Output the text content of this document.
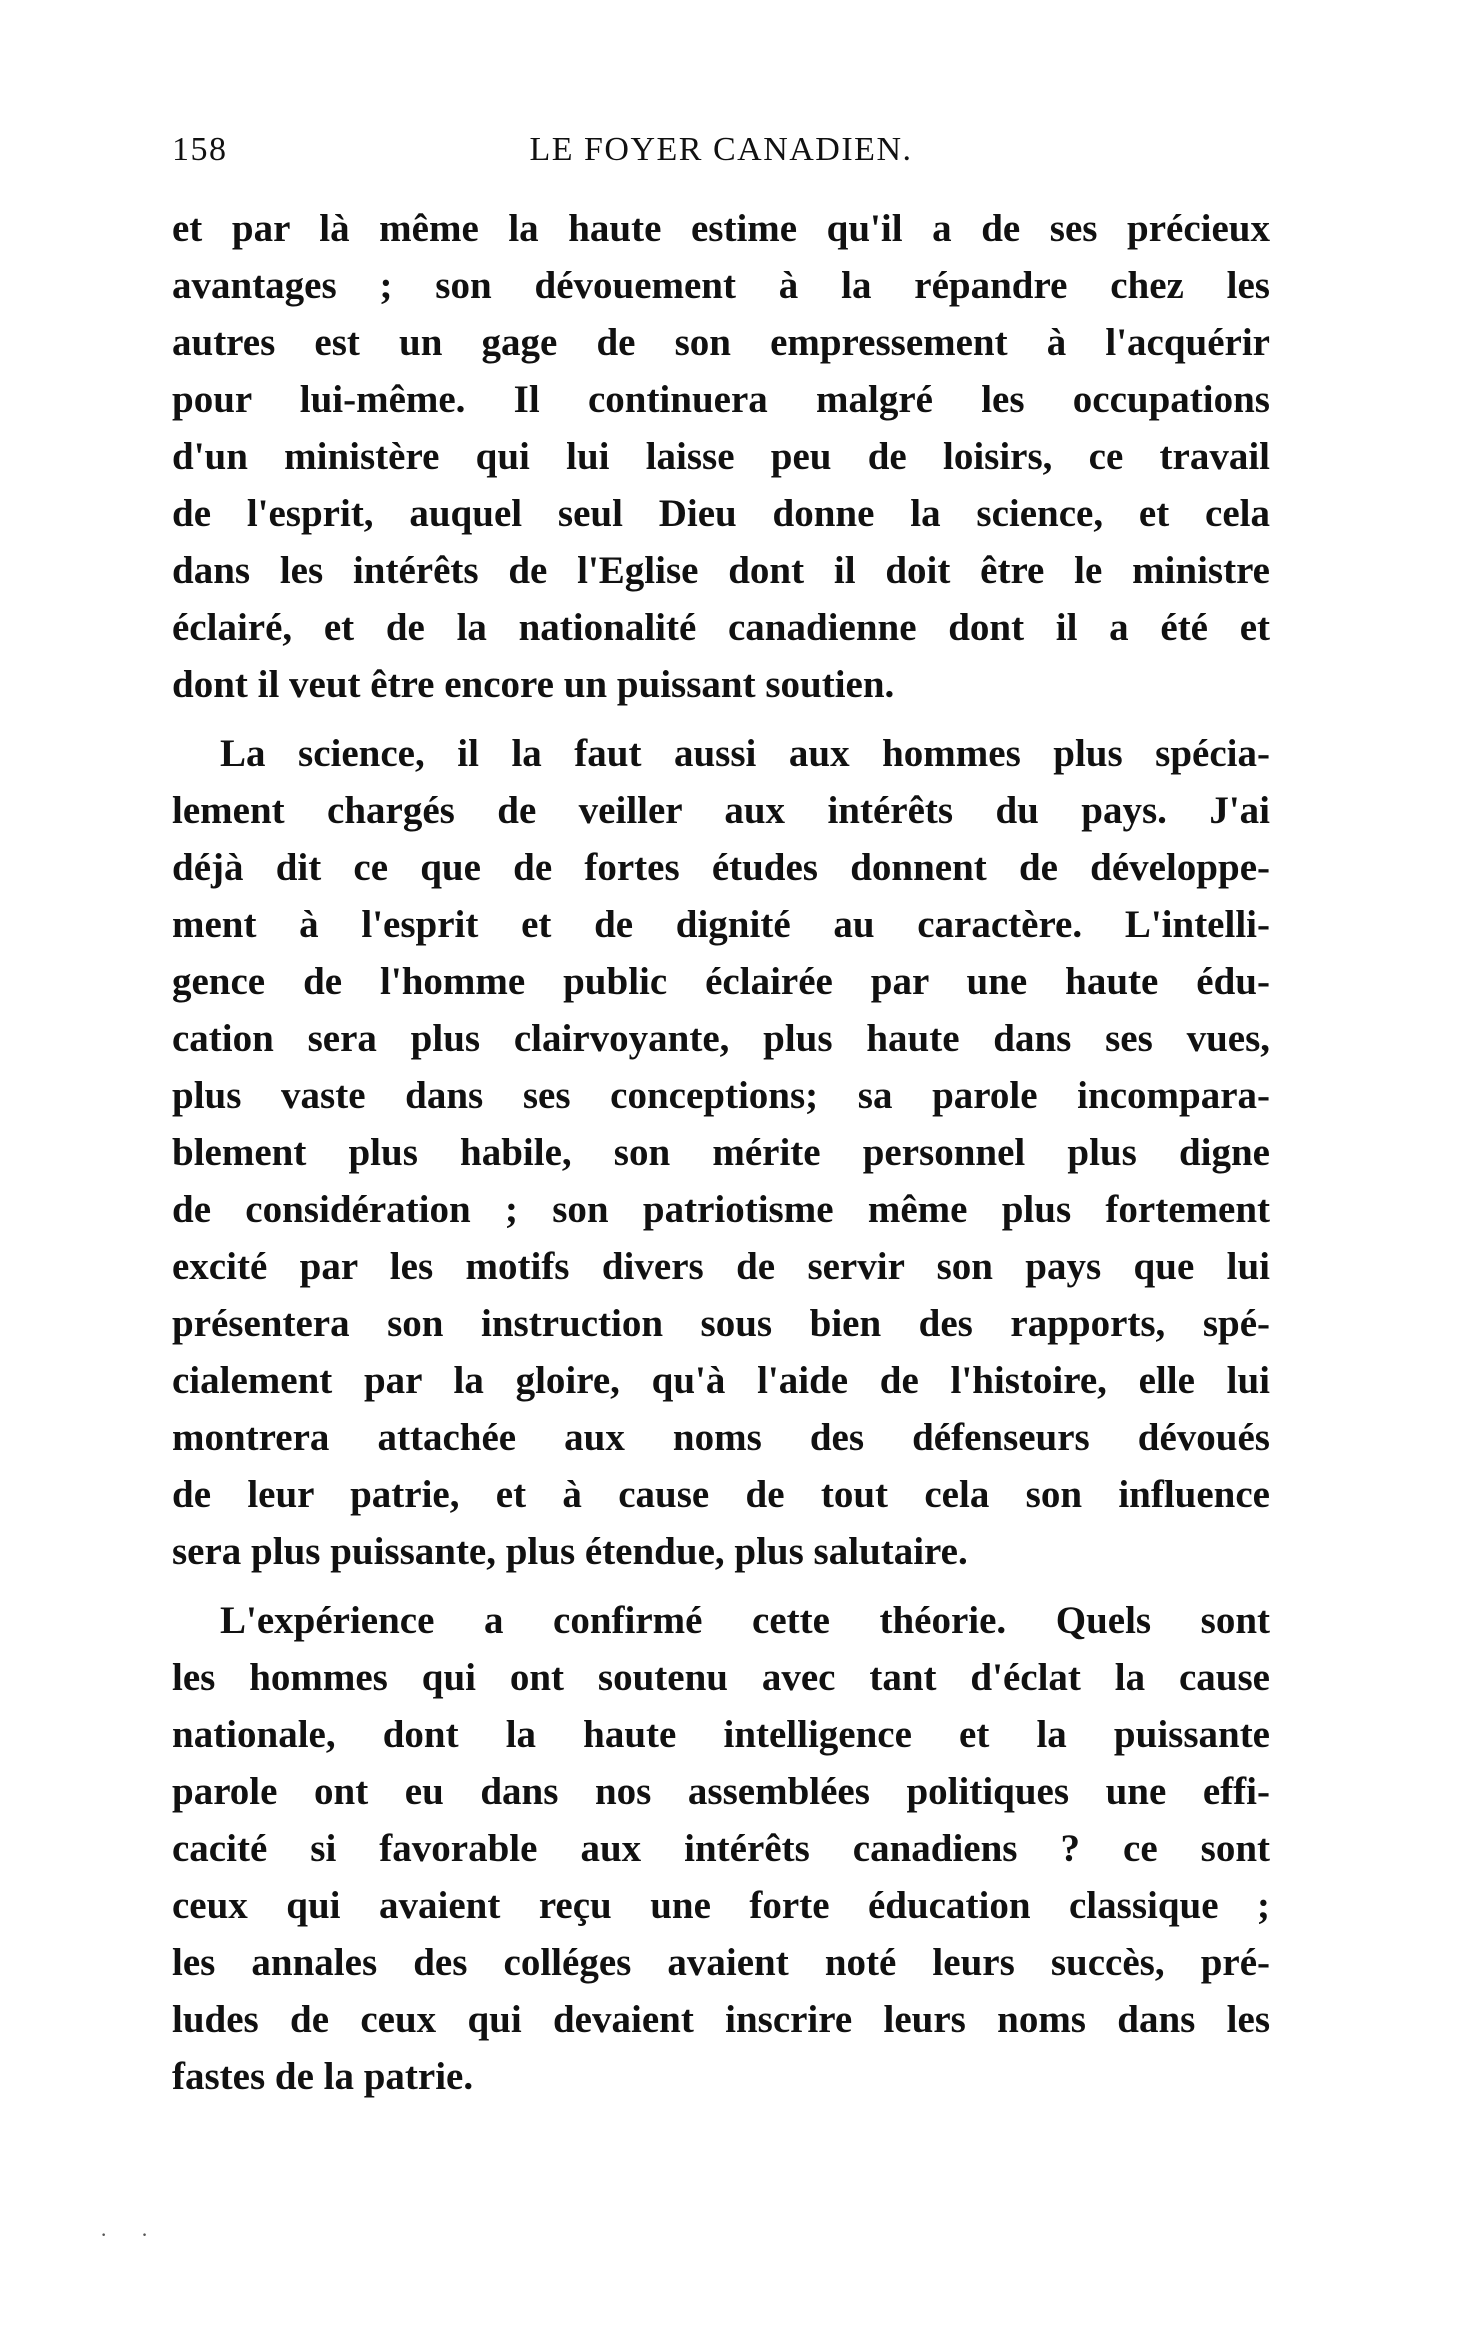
158	LE FOYER CANADIEN.
et par là même la haute estime qu'il a de ses précieux
avantages ; son dévouement à la répandre chez les
autres est un gage de son empressement à l'acquérir
pour lui-même. Il continuera malgré les occupations
d'un ministère qui lui laisse peu de loisirs, ce travail
de l'esprit, auquel seul Dieu donne la science, et cela
dans les intérêts de l'Eglise dont il doit être le ministre
éclairé, et de la nationalité canadienne dont il a été et
dont il veut être encore un puissant soutien.
La science, il la faut aussi aux hommes plus spécia-
lement chargés de veiller aux intérêts du pays. J'ai
déjà dit ce que de fortes études donnent de développe-
ment à l'esprit et de dignité au caractère. L'intelli-
gence de l'homme public éclairée par une haute édu-
cation sera plus clairvoyante, plus haute dans ses vues,
plus vaste dans ses conceptions; sa parole incompara-
blement plus habile, son mérite personnel plus digne
de considération ; son patriotisme même plus fortement
excité par les motifs divers de servir son pays que lui
présentera son instruction sous bien des rapports, spé-
cialement par la gloire, qu'à l'aide de l'histoire, elle lui
montrera attachée aux noms des défenseurs dévoués
de leur patrie, et à cause de tout cela son influence
sera plus puissante, plus étendue, plus salutaire.
L'expérience a confirmé cette théorie. Quels sont
les hommes qui ont soutenu avec tant d'éclat la cause
nationale, dont la haute intelligence et la puissante
parole ont eu dans nos assemblées politiques une effi-
cacité si favorable aux intérêts canadiens ? ce sont
ceux qui avaient reçu une forte éducation classique ;
les annales des colléges avaient noté leurs succès, pré-
ludes de ceux qui devaient inscrire leurs noms dans les
fastes de la patrie.
· ·
